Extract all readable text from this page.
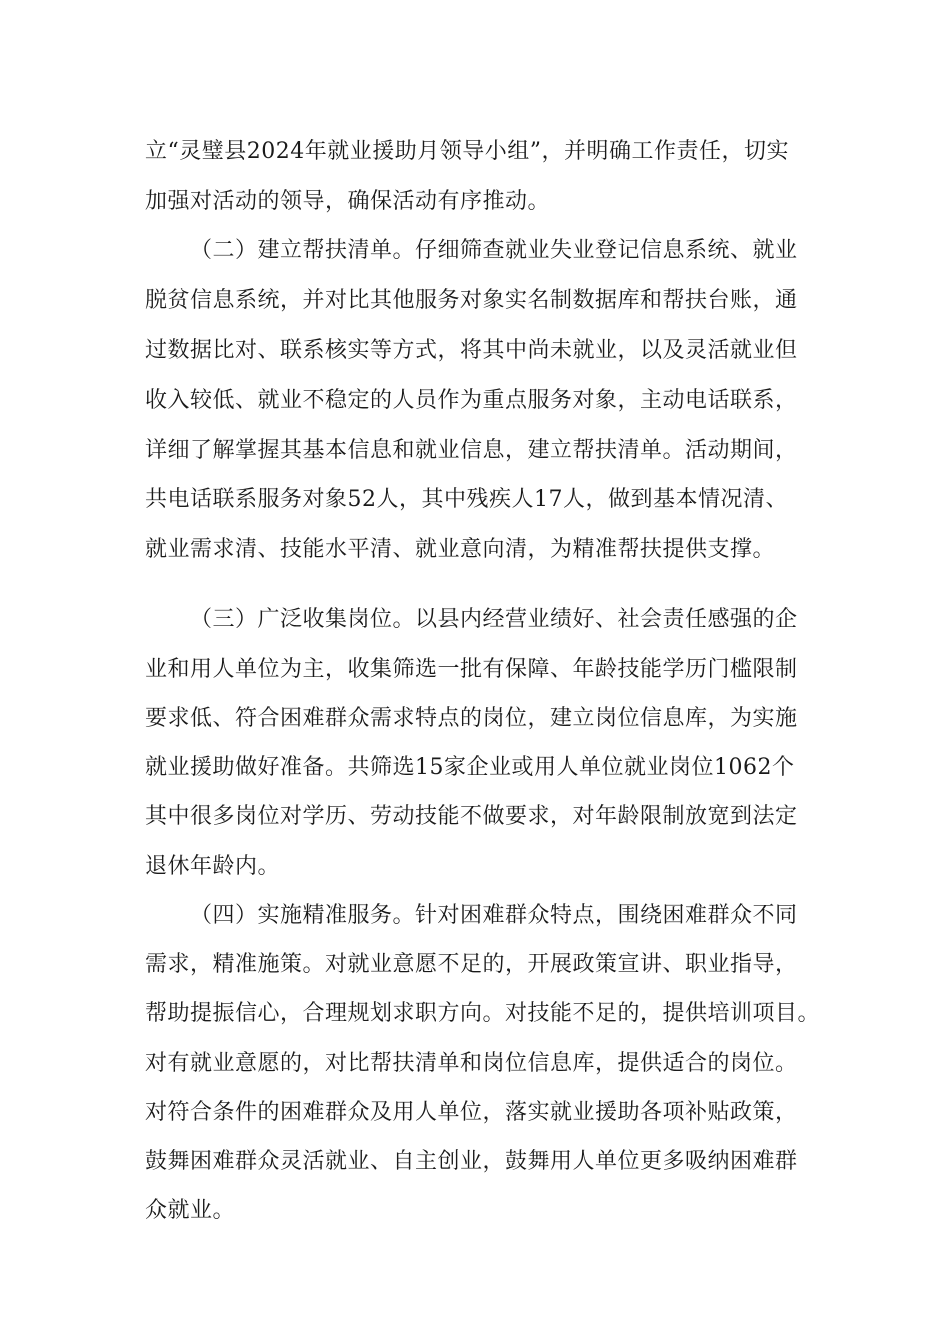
立“灵璧县2024年就业援助月领导小组”，并明确工作责任，切实
加强对活动的领导，确保活动有序推动。
（二）建立帮扶清单。仔细筛查就业失业登记信息系统、就业
脱贫信息系统，并对比其他服务对象实名制数据库和帮扶台账，通
过数据比对、联系核实等方式，将其中尚未就业，以及灵活就业但
收入较低、就业不稳定的人员作为重点服务对象，主动电话联系，
详细了解掌握其基本信息和就业信息，建立帮扶清单。活动期间，
共电话联系服务对象52人，其中残疾人17人，做到基本情况清、
就业需求清、技能水平清、就业意向清，为精准帮扶提供支撑。
（三）广泛收集岗位。以县内经营业绩好、社会责任感强的企
业和用人单位为主，收集筛选一批有保障、年龄技能学历门槛限制
要求低、符合困难群众需求特点的岗位，建立岗位信息库，为实施
就业援助做好准备。共筛选15家企业或用人单位就业岗位1062个
其中很多岗位对学历、劳动技能不做要求，对年龄限制放宽到法定
退休年龄内。
（四）实施精准服务。针对困难群众特点，围绕困难群众不同
需求，精准施策。对就业意愿不足的，开展政策宣讲、职业指导，
帮助提振信心，合理规划求职方向。对技能不足的，提供培训项目。
对有就业意愿的，对比帮扶清单和岗位信息库，提供适合的岗位。
对符合条件的困难群众及用人单位，落实就业援助各项补贴政策，
鼓舞困难群众灵活就业、自主创业，鼓舞用人单位更多吸纳困难群
众就业。
